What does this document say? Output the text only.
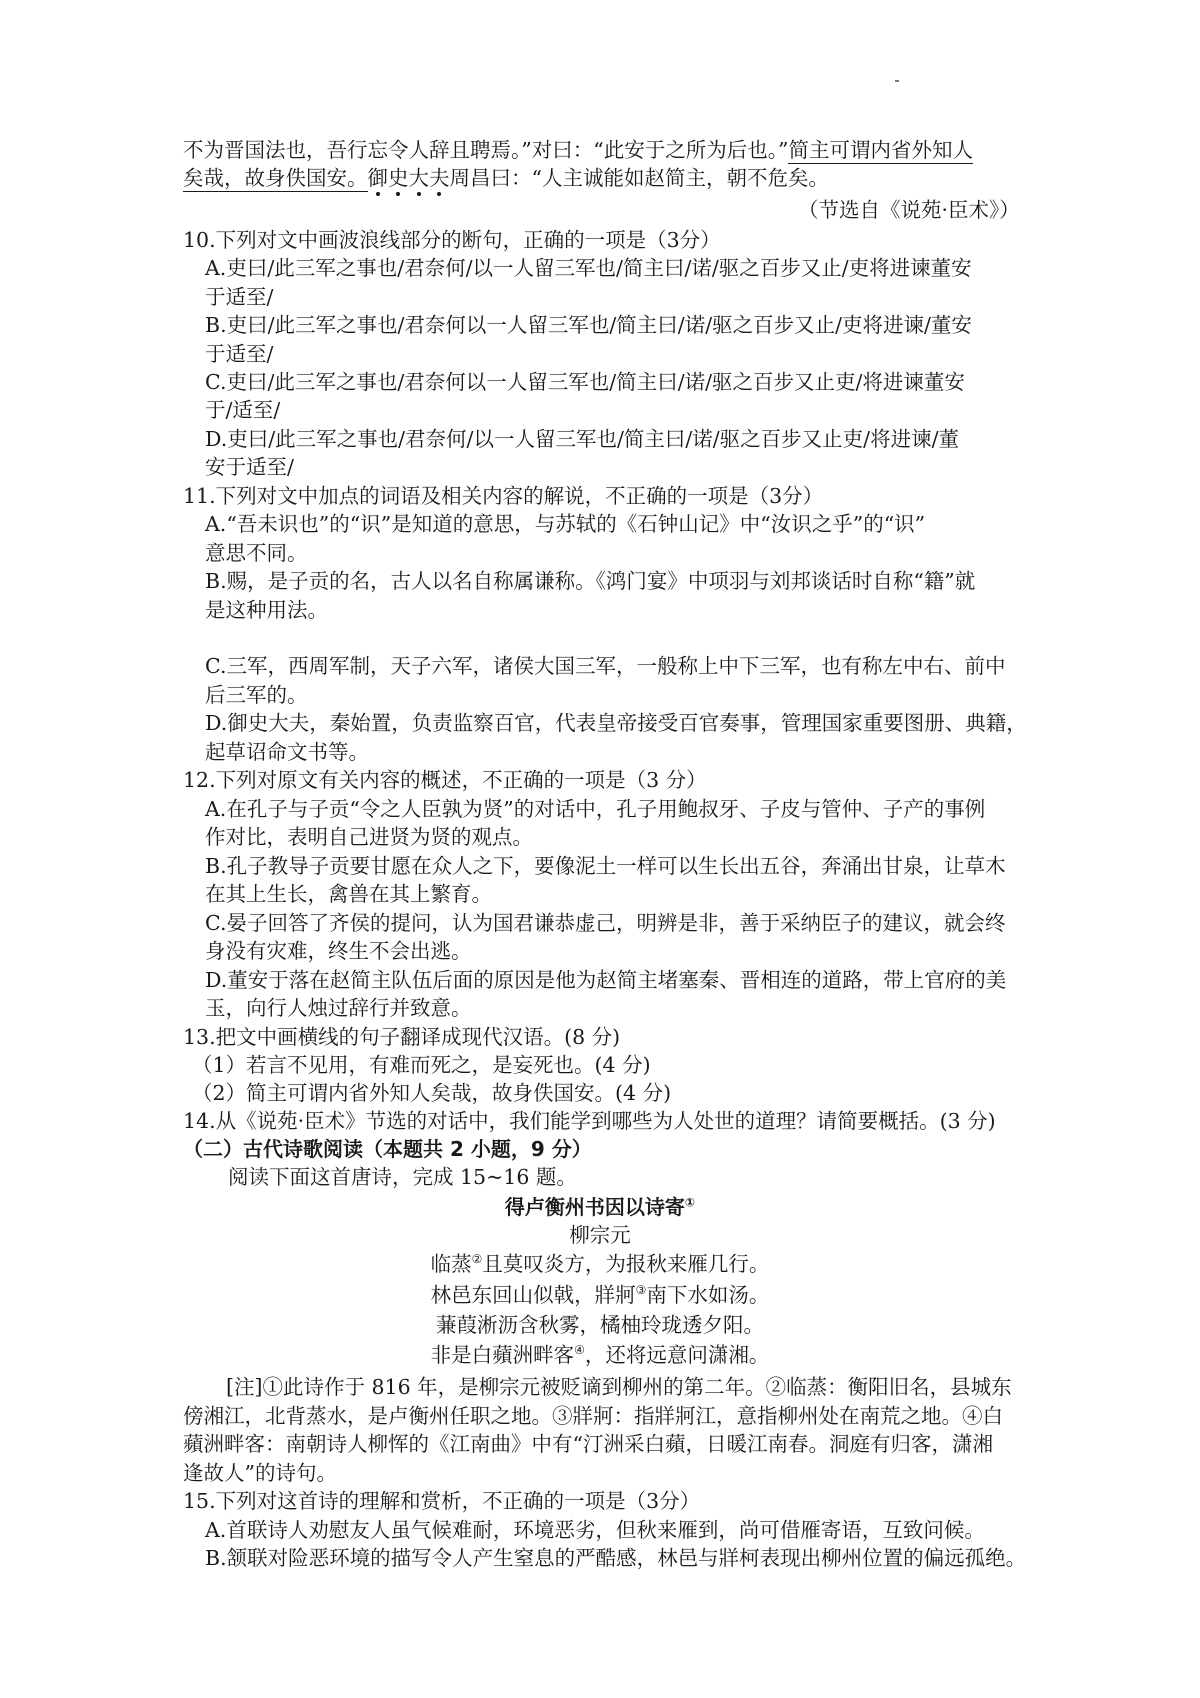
不为晋国法也，吾行忘令人辞且聘焉。”对曰：“此安于之所为后也。”简主可谓内省外知人
矣哉，故身佚国安。御史大夫周昌曰：“人主诚能如赵简主，朝不危矣。
（节选自《说苑·臣术》）
10.下列对文中画波浪线部分的断句，正确的一项是（3分）
A.吏曰/此三军之事也/君奈何/以一人留三军也/简主曰/诺/驱之百步又止/吏将进谏董安
于适至/
B.吏曰/此三军之事也/君奈何以一人留三军也/简主曰/诺/驱之百步又止/吏将进谏/董安
于适至/
C.吏曰/此三军之事也/君奈何以一人留三军也/简主曰/诺/驱之百步又止吏/将进谏董安
于/适至/
D.吏曰/此三军之事也/君奈何/以一人留三军也/简主曰/诺/驱之百步又止吏/将进谏/董
安于适至/
11.下列对文中加点的词语及相关内容的解说，不正确的一项是（3分）
A.“吾未识也”的“识”是知道的意思，与苏轼的《石钟山记》中“汝识之乎”的“识”
意思不同。
B.赐，是子贡的名，古人以名自称属谦称。《鸿门宴》中项羽与刘邦谈话时自称“籍”就
是这种用法。
C.三军，西周军制，天子六军，诸侯大国三军，一般称上中下三军，也有称左中右、前中
后三军的。
D.御史大夫，秦始置，负责监察百官，代表皇帝接受百官奏事，管理国家重要图册、典籍，
起草诏命文书等。
12.下列对原文有关内容的概述，不正确的一项是（3 分）
A.在孔子与子贡“令之人臣孰为贤”的对话中，孔子用鲍叔牙、子皮与管仲、子产的事例
作对比，表明自己进贤为贤的观点。
B.孔子教导子贡要甘愿在众人之下，要像泥土一样可以生长出五谷，奔涌出甘泉，让草木
在其上生长，禽兽在其上繁育。
C.晏子回答了齐侯的提问，认为国君谦恭虚己，明辨是非，善于采纳臣子的建议，就会终
身没有灾难，终生不会出逃。
D.董安于落在赵简主队伍后面的原因是他为赵简主堵塞秦、晋相连的道路，带上官府的美
玉，向行人烛过辞行并致意。
13.把文中画横线的句子翻译成现代汉语。(8 分)
（1）若言不见用，有难而死之，是妄死也。(4 分)
（2）简主可谓内省外知人矣哉，故身佚国安。(4 分)
14.从《说苑·臣术》节选的对话中，我们能学到哪些为人处世的道理？请简要概括。(3 分)
（二）古代诗歌阅读（本题共 2 小题，9 分）
阅读下面这首唐诗，完成 15~16 题。
得卢衡州书因以诗寄①
柳宗元
临蒸②且莫叹炎方，为报秋来雁几行。
林邑东回山似戟，牂牁③南下水如汤。
蒹葭淅沥含秋雾，橘柚玲珑透夕阳。
非是白蘋洲畔客④，还将远意问潇湘。
[注]①此诗作于 816 年，是柳宗元被贬谪到柳州的第二年。②临蒸：衡阳旧名，县城东
傍湘江，北背蒸水，是卢衡州任职之地。③牂牁：指牂牁江，意指柳州处在南荒之地。④白
蘋洲畔客：南朝诗人柳恽的《江南曲》中有“汀洲采白蘋，日暖江南春。洞庭有归客，潇湘
逢故人”的诗句。
15.下列对这首诗的理解和赏析，不正确的一项是（3分）
A.首联诗人劝慰友人虽气候难耐，环境恶劣，但秋来雁到，尚可借雁寄语，互致问候。
B.颔联对险恶环境的描写令人产生窒息的严酷感，林邑与牂柯表现出柳州位置的偏远孤绝。
